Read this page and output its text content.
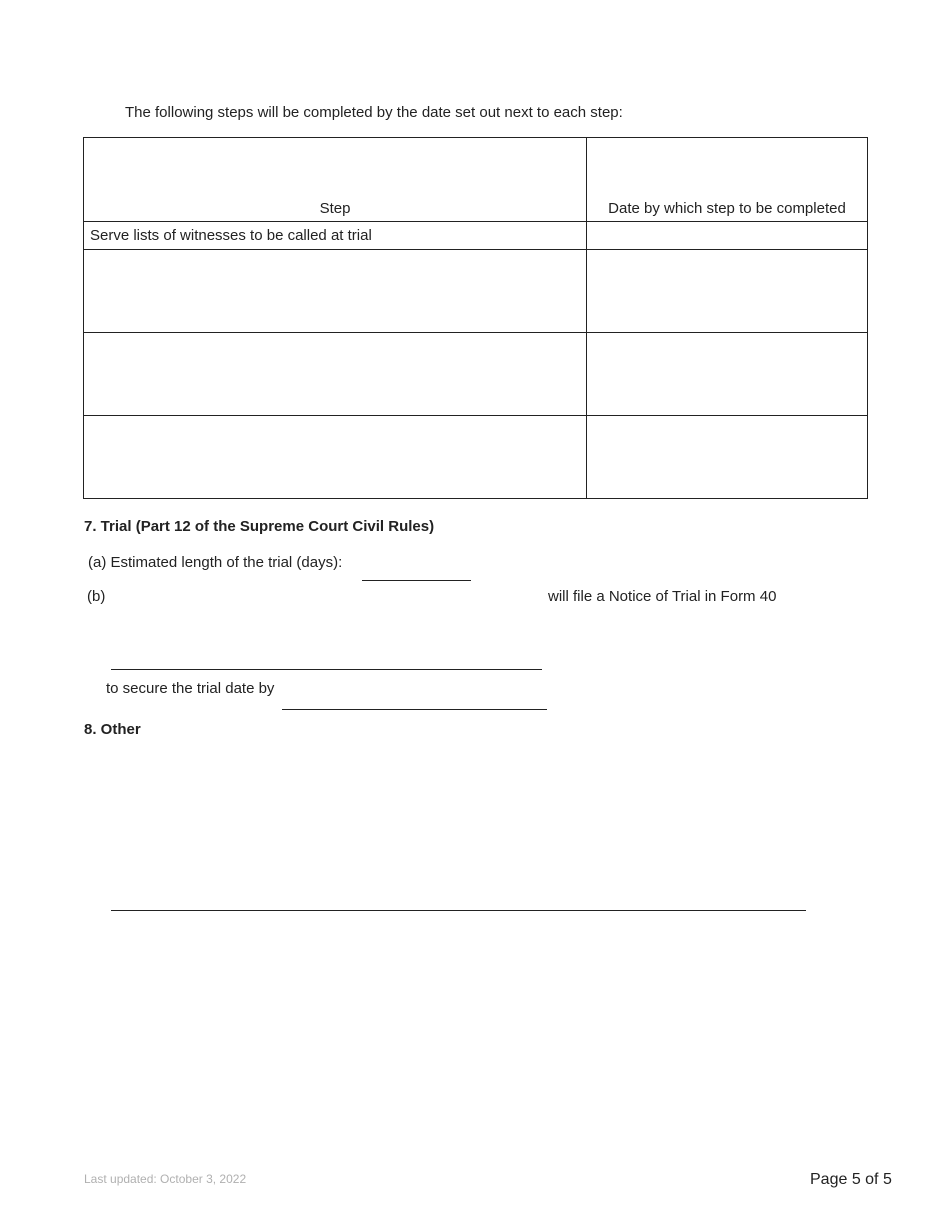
The following steps will be completed by the date set out next to each step:
Step	Date by which step to be completed
Serve lists of witnesses to be called at trial	

7. Trial (Part 12 of the Supreme Court Civil Rules)
(a) Estimated length of the trial (days):
(b)	will file a Notice of Trial in Form 40
to secure the trial date by
8. Other
Last updated: October 3, 2022	Page 5 of 5
